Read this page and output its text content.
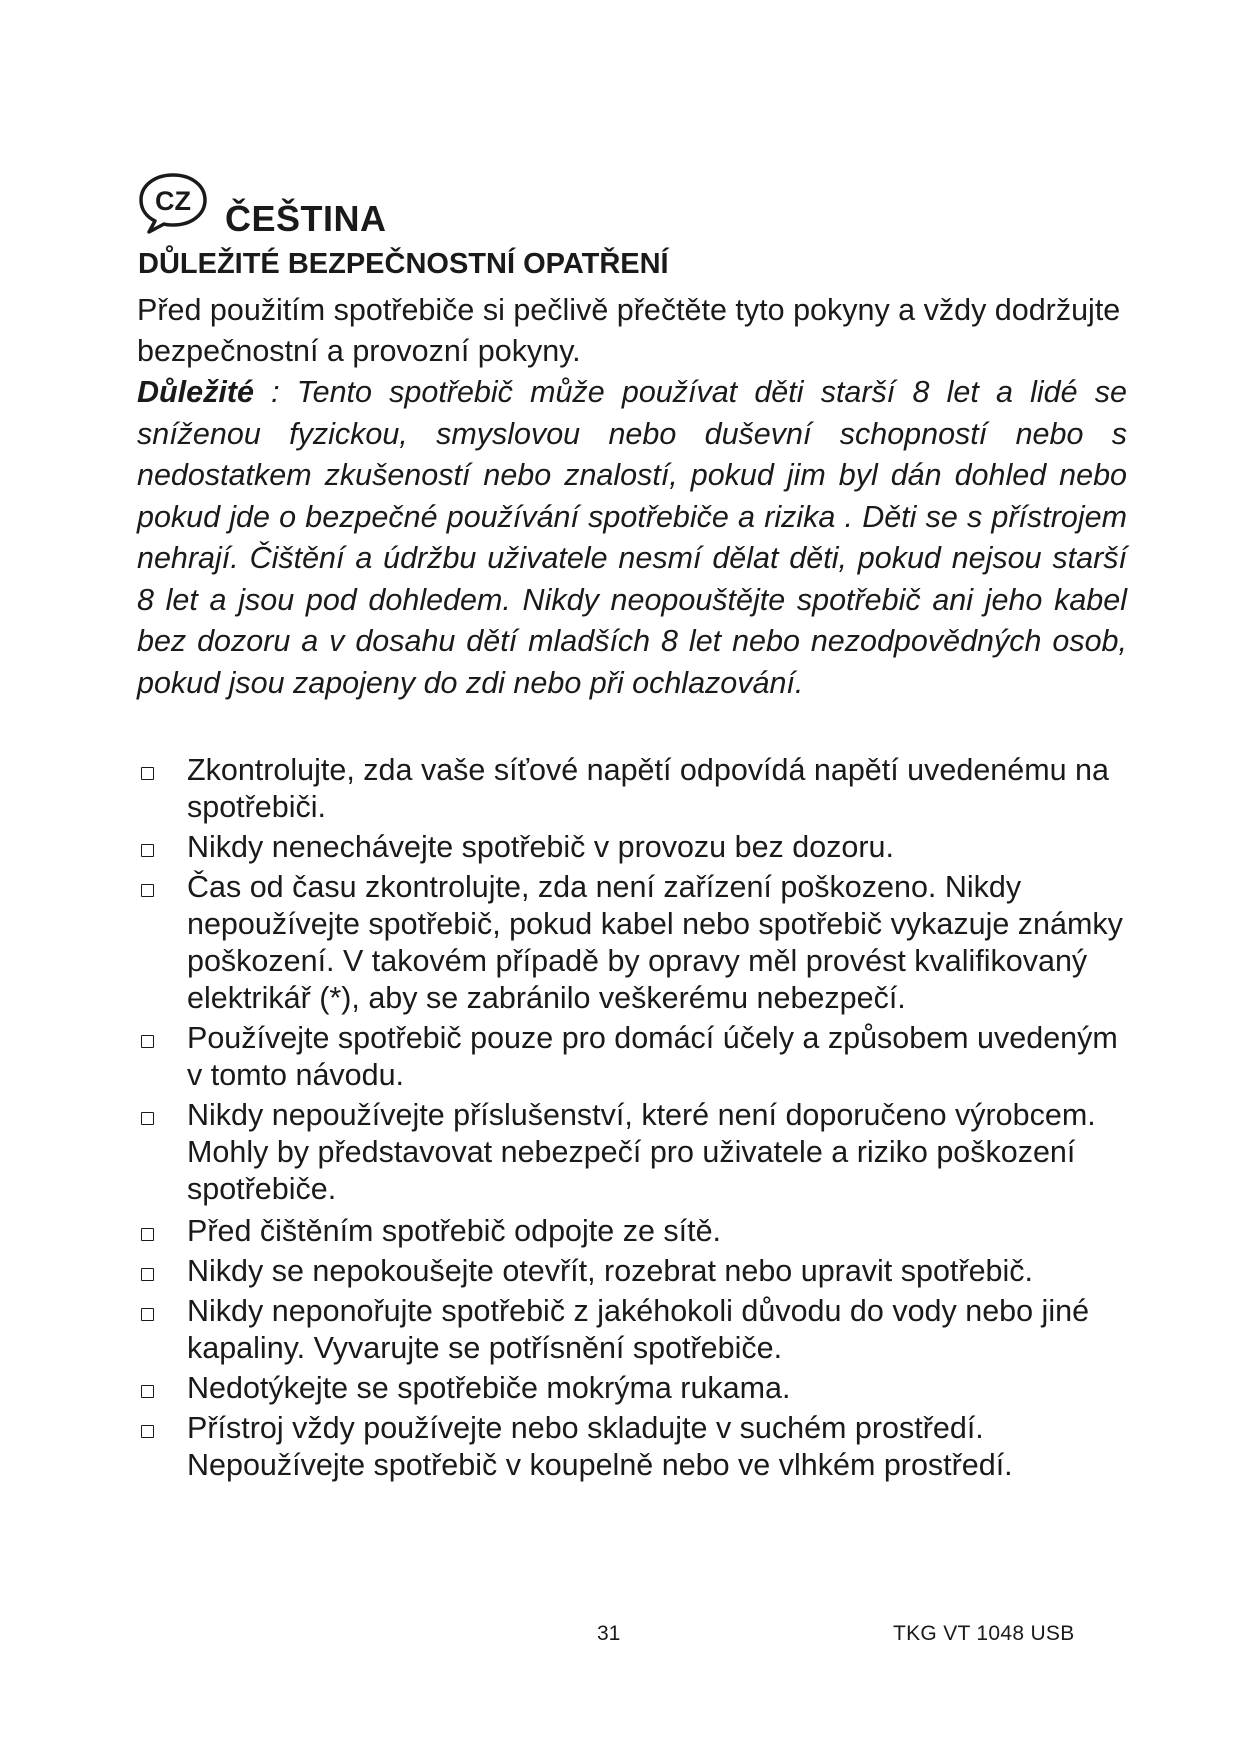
CZ ČEŠTINA
DŮLEŽITÉ BEZPEČNOSTNÍ OPATŘENÍ

Před použitím spotřebiče si pečlivě přečtěte tyto pokyny a vždy dodržujte bezpečnostní a provozní pokyny.

Důležité : Tento spotřebič může používat děti starší 8 let a lidé se sníženou fyzickou, smyslovou nebo duševní schopností nebo s nedostatkem zkušeností nebo znalostí, pokud jim byl dán dohled nebo pokud jde o bezpečné používání spotřebiče a rizika . Děti se s přístrojem nehrají. Čištění a údržbu uživatele nesmí dělat děti, pokud nejsou starší 8 let a jsou pod dohledem. Nikdy neopouštějte spotřebič ani jeho kabel bez dozoru a v dosahu dětí mladších 8 let nebo nezodpovědných osob, pokud jsou zapojeny do zdi nebo při ochlazování.

Zkontrolujte, zda vaše síťové napětí odpovídá napětí uvedenému na spotřebiči.
Nikdy nenechávejte spotřebič v provozu bez dozoru.
Čas od času zkontrolujte, zda není zařízení poškozeno. Nikdy nepoužívejte spotřebič, pokud kabel nebo spotřebič vykazuje známky poškození. V takovém případě by opravy měl provést kvalifikovaný elektrikář (*), aby se zabránilo veškerému nebezpečí.
Používejte spotřebič pouze pro domácí účely a způsobem uvedeným v tomto návodu.
Nikdy nepoužívejte příslušenství, které není doporučeno výrobcem. Mohly by představovat nebezpečí pro uživatele a riziko poškození spotřebiče.
Před čištěním spotřebič odpojte ze sítě.
Nikdy se nepokoušejte otevřít, rozebrat nebo upravit spotřebič.
Nikdy neponořujte spotřebič z jakéhokoli důvodu do vody nebo jiné kapaliny. Vyvarujte se potřísnění spotřebiče.
Nedotýkejte se spotřebiče mokrýma rukama.
Přístroj vždy používejte nebo skladujte v suchém prostředí. Nepoužívejte spotřebič v koupelně nebo ve vlhkém prostředí.
31	TKG VT 1048 USB
